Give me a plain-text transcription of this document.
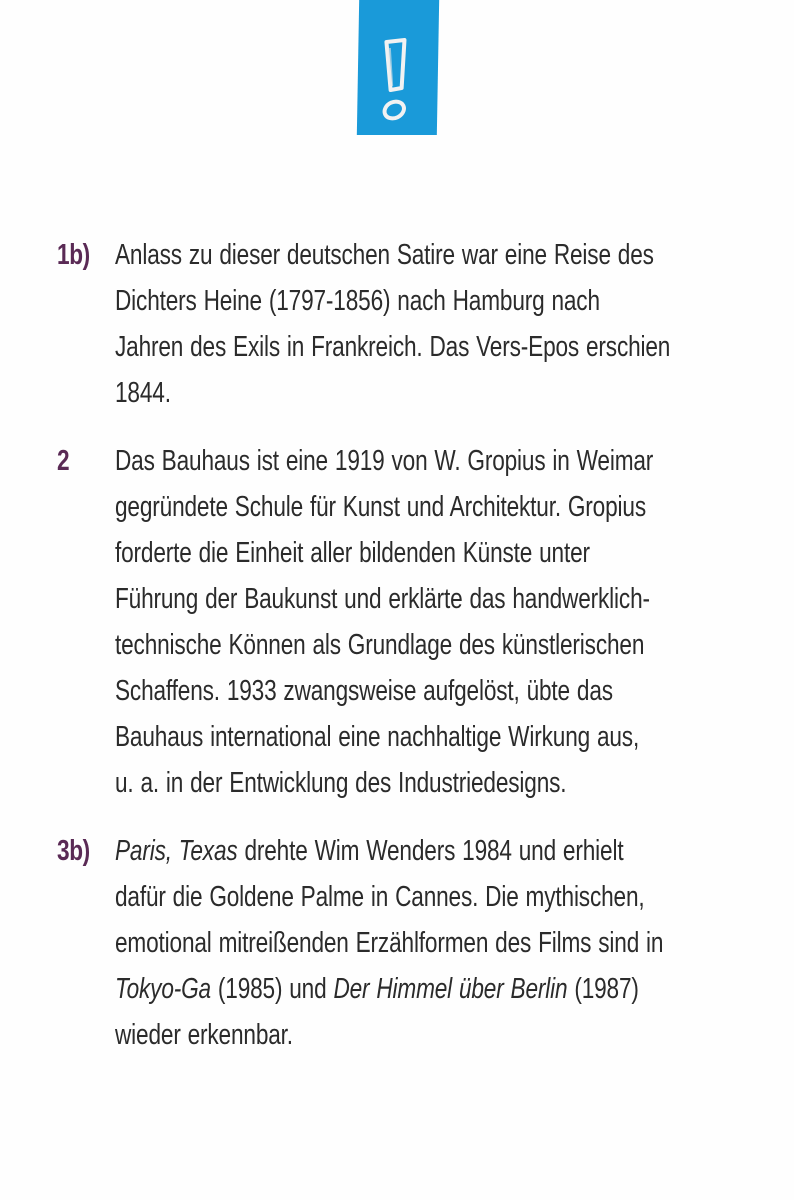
1b) Anlass zu dieser deutschen Satire war eine Reise des
Dichters Heine (1797-1856) nach Hamburg nach
Jahren des Exils in Frankreich. Das Vers-Epos erschien
1844.
2 Das Bauhaus ist eine 1919 von W. Gropius in Weimar
gegründete Schule für Kunst und Architektur. Gropius
forderte die Einheit aller bildenden Künste unter
Führung der Baukunst und erklärte das handwerklich-
technische Können als Grundlage des künstlerischen
Schaffens. 1933 zwangsweise aufgelöst, übte das
Bauhaus international eine nachhaltige Wirkung aus,
u. a. in der Entwicklung des Industriedesigns.
3b) Paris, Texas drehte Wim Wenders 1984 und erhielt
dafür die Goldene Palme in Cannes. Die mythischen,
emotional mitreißenden Erzählformen des Films sind in
Tokyo-Ga (1985) und Der Himmel über Berlin (1987)
wieder erkennbar.
